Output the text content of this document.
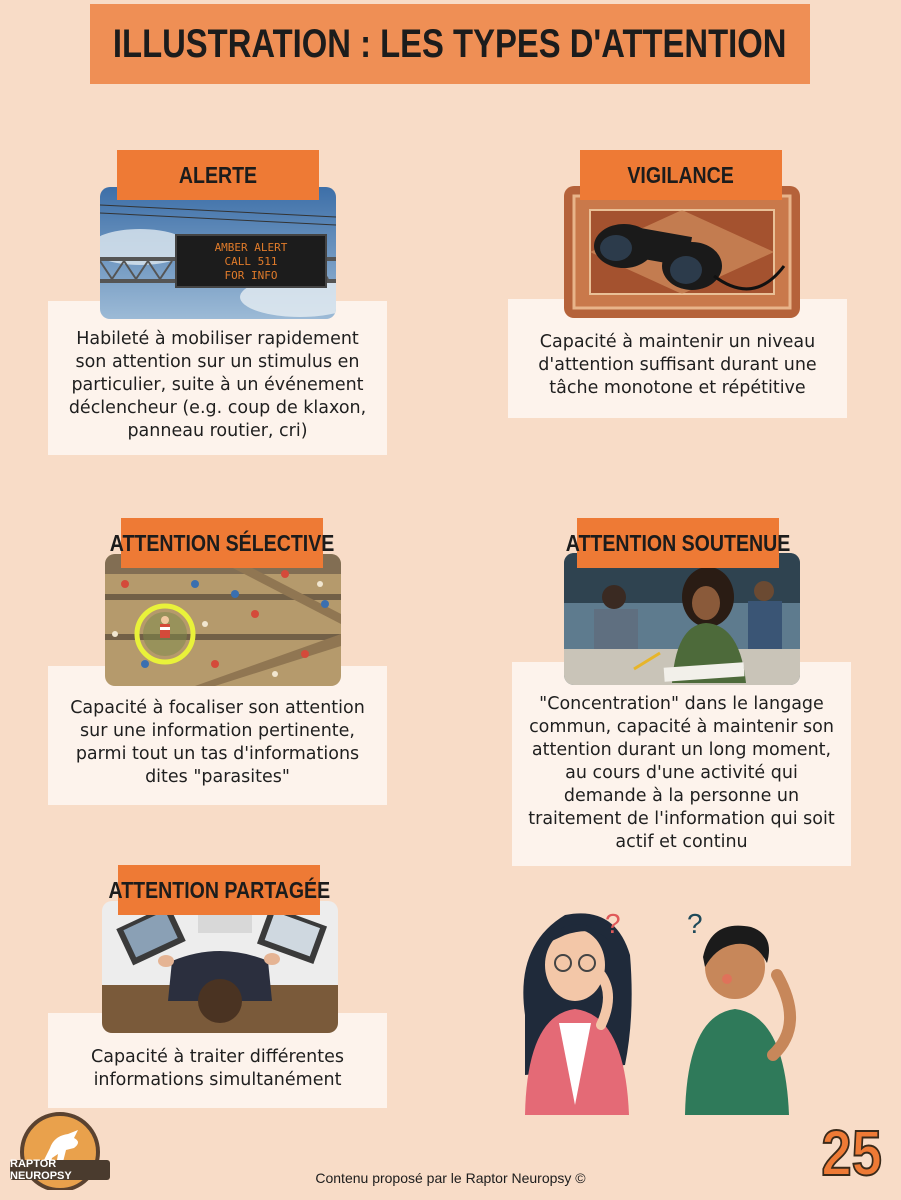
ILLUSTRATION : LES TYPES D'ATTENTION
ALERTE
AMBER ALERT
CALL 511
FOR INFO

Habileté à mobiliser rapidement son attention sur un stimulus en particulier, suite à un événement déclencheur (e.g. coup de klaxon, panneau routier, cri)

VIGILANCE

Capacité à maintenir un niveau d'attention suffisant durant une tâche monotone et répétitive

ATTENTION SÉLECTIVE

Capacité à focaliser son attention sur une information pertinente, parmi tout un tas d'informations dites "parasites"

ATTENTION SOUTENUE

"Concentration" dans le langage commun, capacité à maintenir son attention durant un long moment, au cours d'une activité qui demande à la personne un traitement de l'information qui soit actif et continu

ATTENTION PARTAGÉE

Capacité à traiter différentes informations simultanément

? ?
RAPTOR NEUROPSY	Contenu proposé par le Raptor Neuropsy ©	25
